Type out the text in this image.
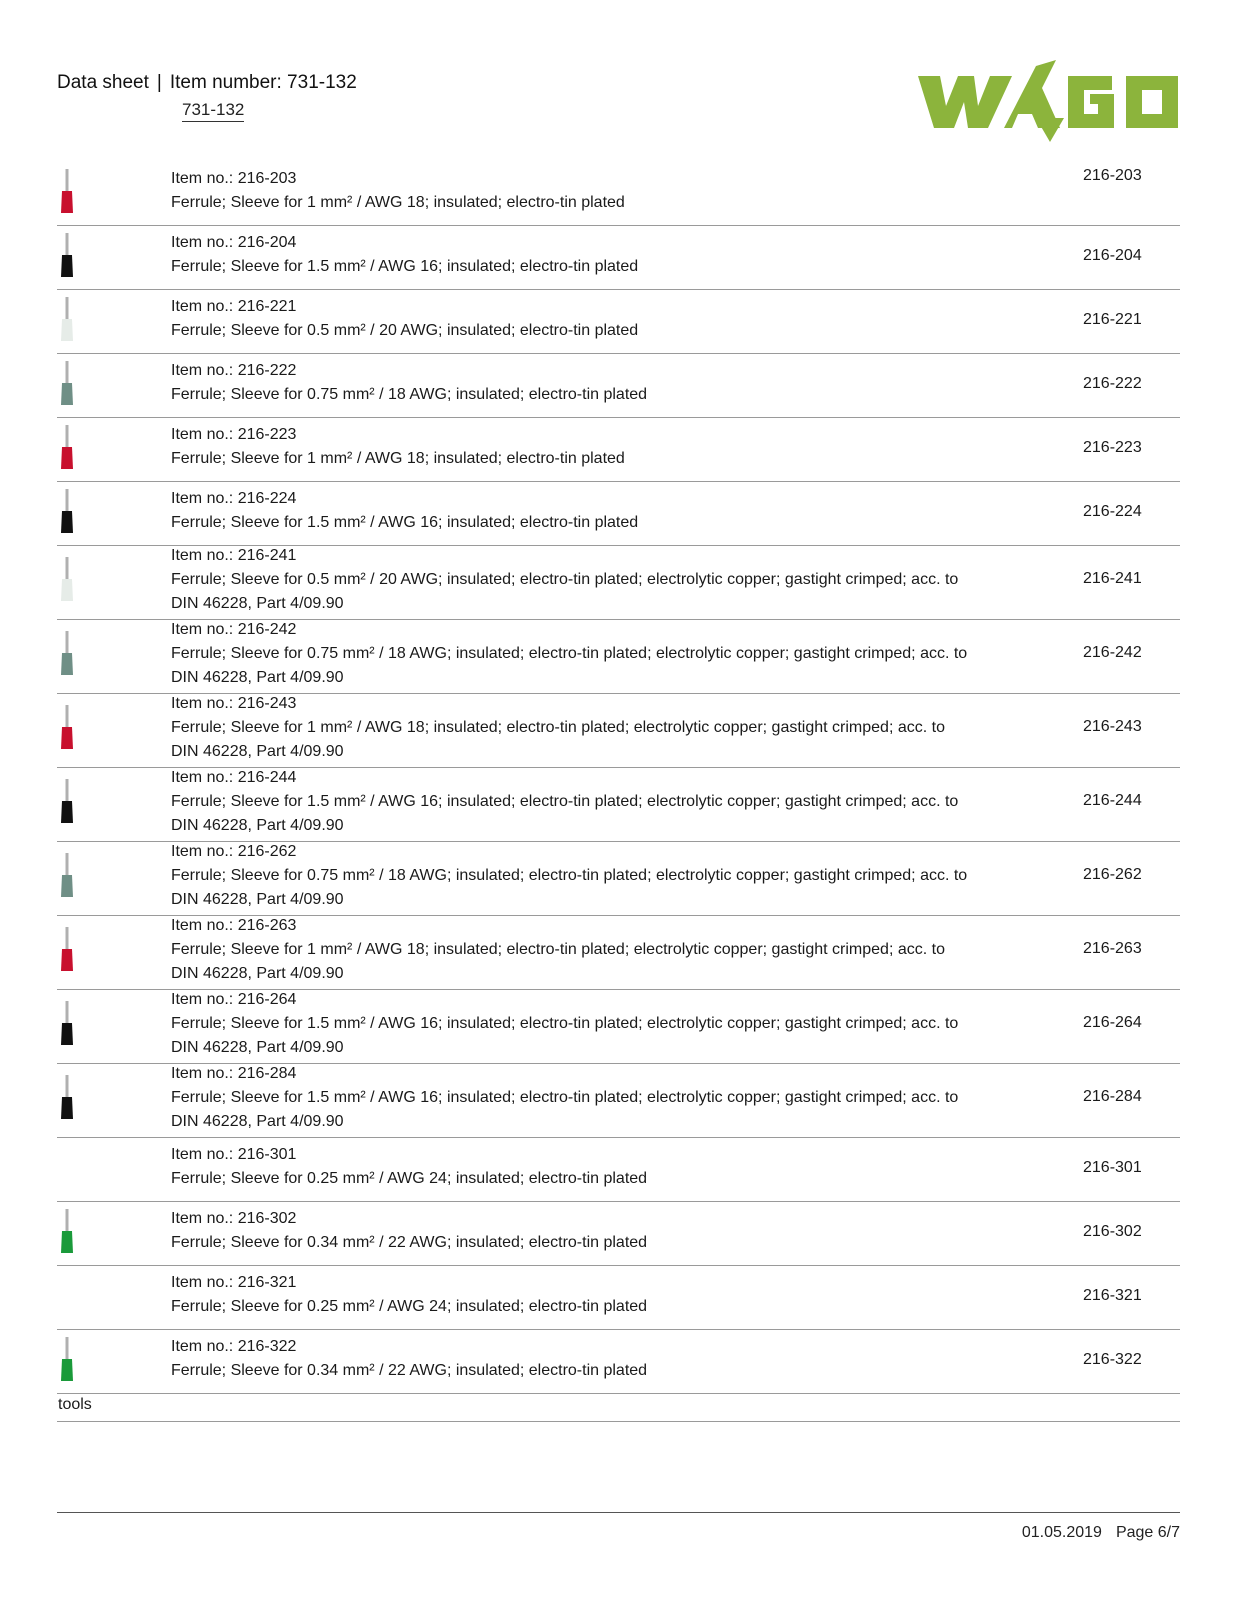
Data sheet | Item number: 731-132
731-132
Item no.: 216-203
Ferrule; Sleeve for 1 mm² / AWG 18; insulated; electro-tin plated
216-203
Item no.: 216-204
Ferrule; Sleeve for 1.5 mm² / AWG 16; insulated; electro-tin plated
216-204
Item no.: 216-221
Ferrule; Sleeve for 0.5 mm² / 20 AWG; insulated; electro-tin plated
216-221
Item no.: 216-222
Ferrule; Sleeve for 0.75 mm² / 18 AWG; insulated; electro-tin plated
216-222
Item no.: 216-223
Ferrule; Sleeve for 1 mm² / AWG 18; insulated; electro-tin plated
216-223
Item no.: 216-224
Ferrule; Sleeve for 1.5 mm² / AWG 16; insulated; electro-tin plated
216-224
Item no.: 216-241
Ferrule; Sleeve for 0.5 mm² / 20 AWG; insulated; electro-tin plated; electrolytic copper; gastight crimped; acc. to DIN 46228, Part 4/09.90
216-241
Item no.: 216-242
Ferrule; Sleeve for 0.75 mm² / 18 AWG; insulated; electro-tin plated; electrolytic copper; gastight crimped; acc. to DIN 46228, Part 4/09.90
216-242
Item no.: 216-243
Ferrule; Sleeve for 1 mm² / AWG 18; insulated; electro-tin plated; electrolytic copper; gastight crimped; acc. to DIN 46228, Part 4/09.90
216-243
Item no.: 216-244
Ferrule; Sleeve for 1.5 mm² / AWG 16; insulated; electro-tin plated; electrolytic copper; gastight crimped; acc. to DIN 46228, Part 4/09.90
216-244
Item no.: 216-262
Ferrule; Sleeve for 0.75 mm² / 18 AWG; insulated; electro-tin plated; electrolytic copper; gastight crimped; acc. to DIN 46228, Part 4/09.90
216-262
Item no.: 216-263
Ferrule; Sleeve for 1 mm² / AWG 18; insulated; electro-tin plated; electrolytic copper; gastight crimped; acc. to DIN 46228, Part 4/09.90
216-263
Item no.: 216-264
Ferrule; Sleeve for 1.5 mm² / AWG 16; insulated; electro-tin plated; electrolytic copper; gastight crimped; acc. to DIN 46228, Part 4/09.90
216-264
Item no.: 216-284
Ferrule; Sleeve for 1.5 mm² / AWG 16; insulated; electro-tin plated; electrolytic copper; gastight crimped; acc. to DIN 46228, Part 4/09.90
216-284
Item no.: 216-301
Ferrule; Sleeve for 0.25 mm² / AWG 24; insulated; electro-tin plated
216-301
Item no.: 216-302
Ferrule; Sleeve for 0.34 mm² / 22 AWG; insulated; electro-tin plated
216-302
Item no.: 216-321
Ferrule; Sleeve for 0.25 mm² / AWG 24; insulated; electro-tin plated
216-321
Item no.: 216-322
Ferrule; Sleeve for 0.34 mm² / 22 AWG; insulated; electro-tin plated
216-322
tools
01.05.2019 Page 6/7
